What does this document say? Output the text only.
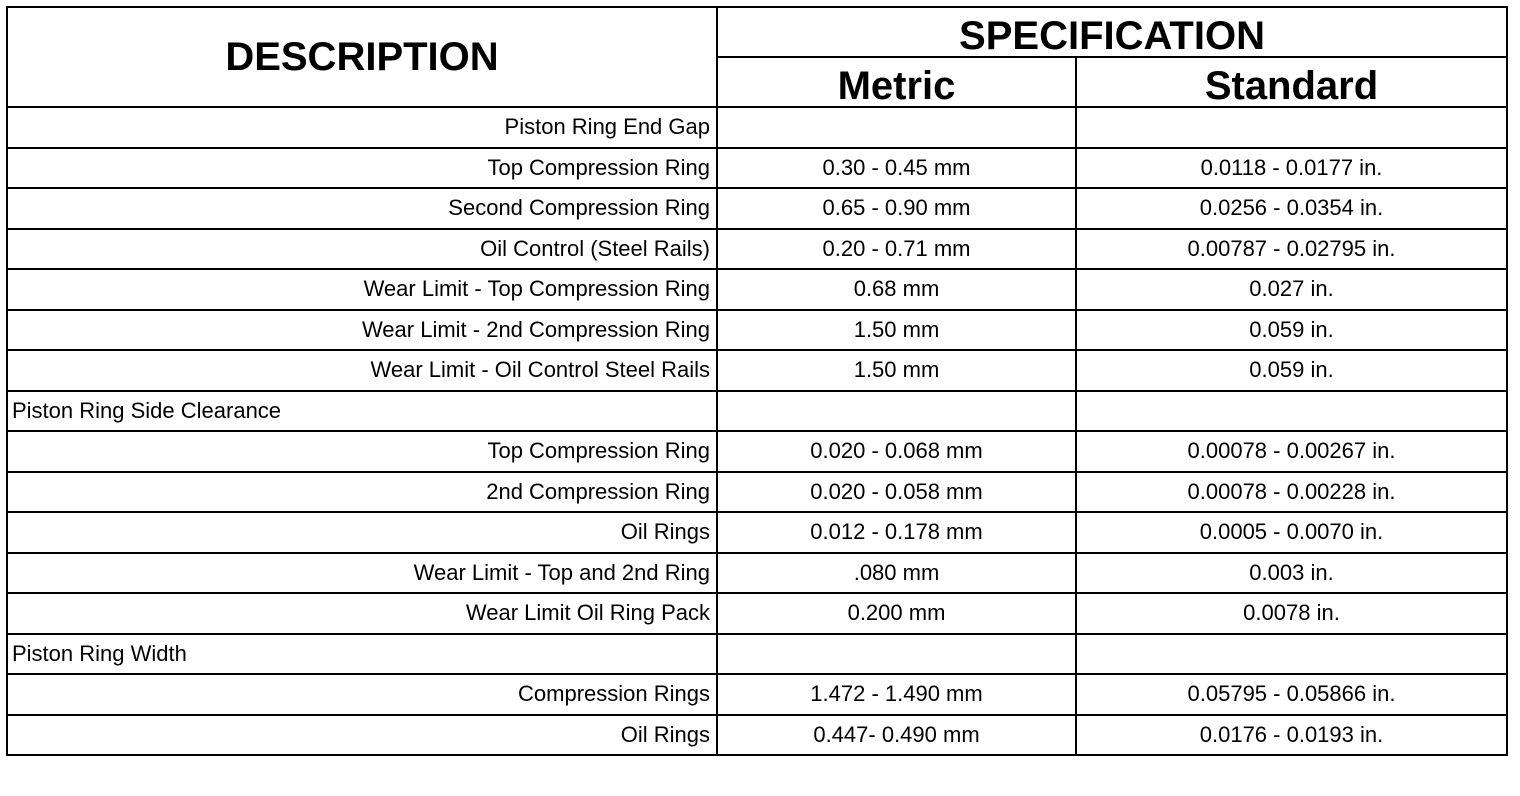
DESCRIPTION	SPECIFICATION	
	Metric	Standard
Piston Ring End Gap		
Top Compression Ring	0.30 - 0.45 mm	0.0118 - 0.0177 in.
Second Compression Ring	0.65 - 0.90 mm	0.0256 - 0.0354 in.
Oil Control (Steel Rails)	0.20 - 0.71 mm	0.00787 - 0.02795 in.
Wear Limit - Top Compression Ring	0.68 mm	0.027 in.
Wear Limit - 2nd Compression Ring	1.50 mm	0.059 in.
Wear Limit - Oil Control Steel Rails	1.50 mm	0.059 in.
Piston Ring Side Clearance		
Top Compression Ring	0.020 - 0.068 mm	0.00078 - 0.00267 in.
2nd Compression Ring	0.020 - 0.058 mm	0.00078 - 0.00228 in.
Oil Rings	0.012 - 0.178 mm	0.0005 - 0.0070 in.
Wear Limit - Top and 2nd Ring	.080 mm	0.003 in.
Wear Limit Oil Ring Pack	0.200 mm	0.0078 in.
Piston Ring Width		
Compression Rings	1.472 - 1.490 mm	0.05795 - 0.05866 in.
Oil Rings	0.447- 0.490 mm	0.0176 - 0.0193 in.
